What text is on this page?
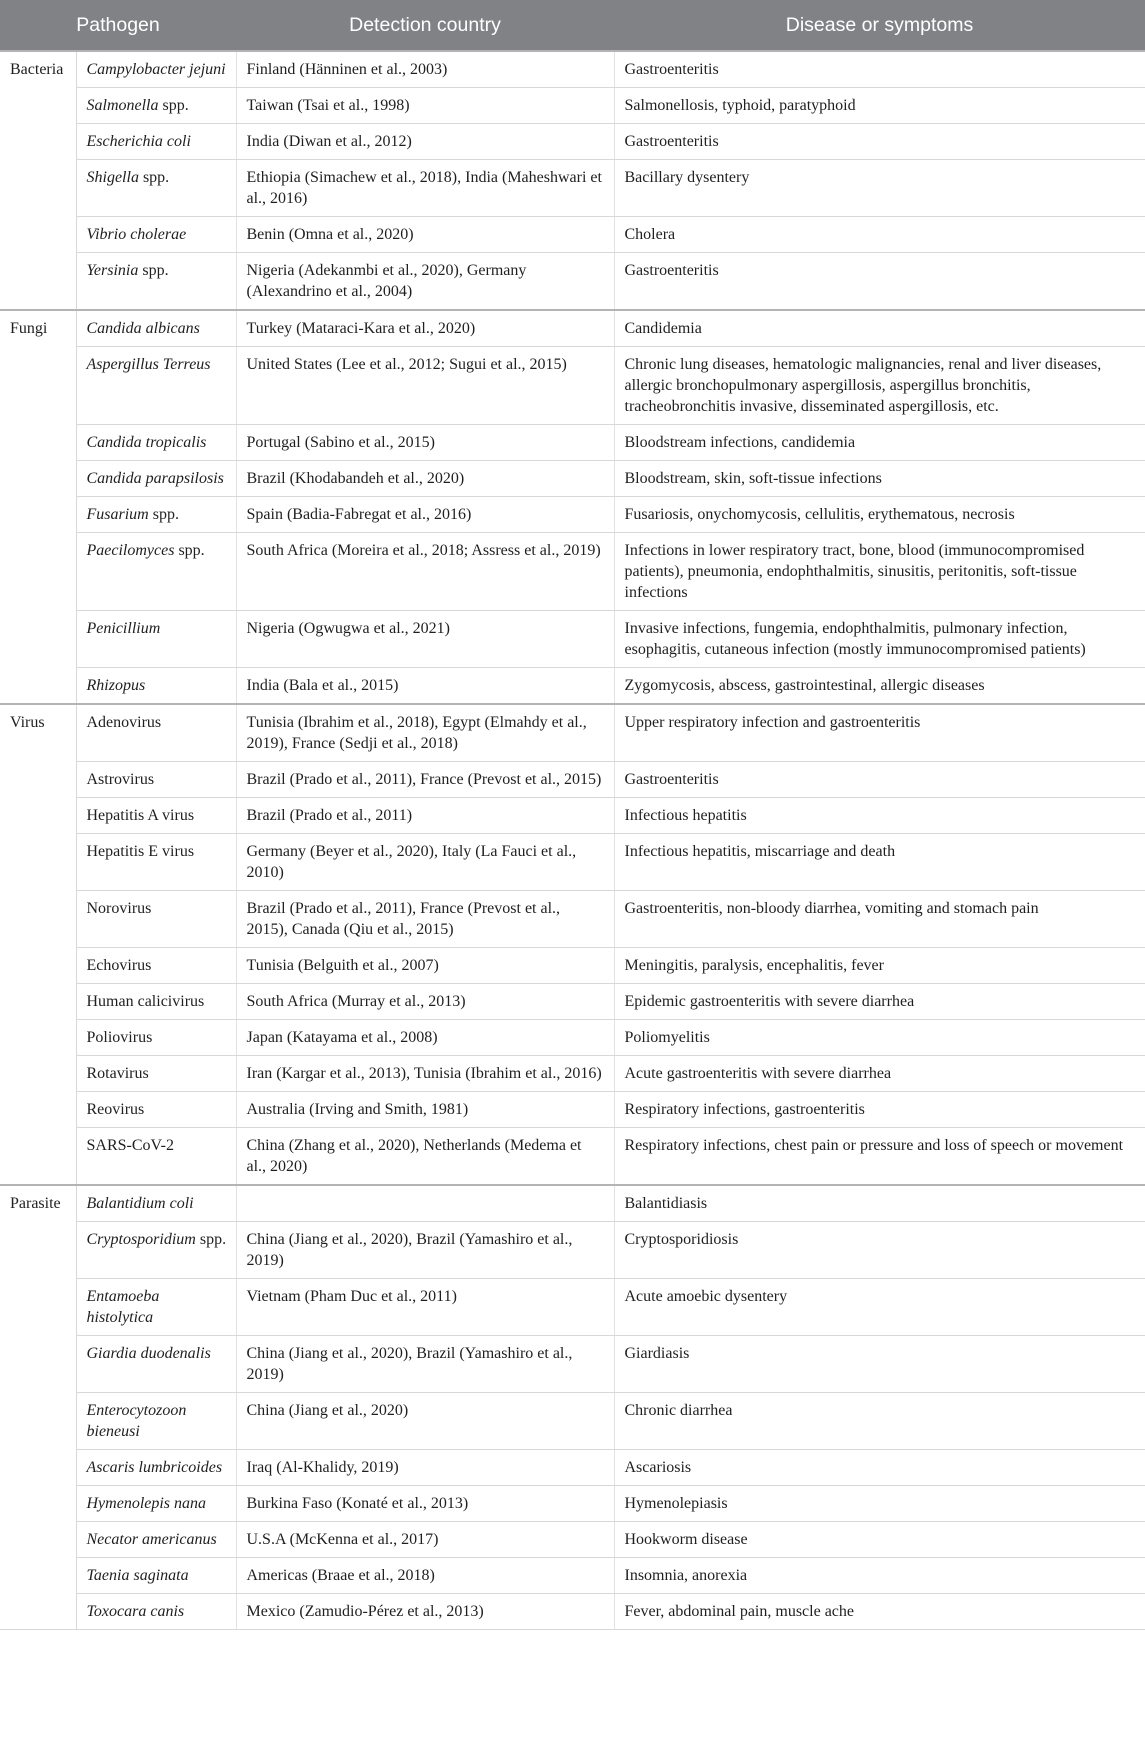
Pathogen		Detection country	Disease or symptoms
Bacteria	Campylobacter jejuni	Finland (Hänninen et al., 2003)	Gastroenteritis
	Salmonella spp.	Taiwan (Tsai et al., 1998)	Salmonellosis, typhoid, paratyphoid
	Escherichia coli	India (Diwan et al., 2012)	Gastroenteritis
	Shigella spp.	Ethiopia (Simachew et al., 2018), India (Maheshwari et al., 2016)	Bacillary dysentery
	Vibrio cholerae	Benin (Omna et al., 2020)	Cholera
	Yersinia spp.	Nigeria (Adekanmbi et al., 2020), Germany (Alexandrino et al., 2004)	Gastroenteritis
Fungi	Candida albicans	Turkey (Mataraci-Kara et al., 2020)	Candidemia
	Aspergillus Terreus	United States (Lee et al., 2012; Sugui et al., 2015)	Chronic lung diseases, hematologic malignancies, renal and liver diseases, allergic bronchopulmonary aspergillosis, aspergillus bronchitis, tracheobronchitis invasive, disseminated aspergillosis, etc.
	Candida tropicalis	Portugal (Sabino et al., 2015)	Bloodstream infections, candidemia
	Candida parapsilosis	Brazil (Khodabandeh et al., 2020)	Bloodstream, skin, soft-tissue infections
	Fusarium spp.	Spain (Badia-Fabregat et al., 2016)	Fusariosis, onychomycosis, cellulitis, erythematous, necrosis
	Paecilomyces spp.	South Africa (Moreira et al., 2018; Assress et al., 2019)	Infections in lower respiratory tract, bone, blood (immunocompromised patients), pneumonia, endophthalmitis, sinusitis, peritonitis, soft-tissue infections
	Penicillium	Nigeria (Ogwugwa et al., 2021)	Invasive infections, fungemia, endophthalmitis, pulmonary infection, esophagitis, cutaneous infection (mostly immunocompromised patients)
	Rhizopus	India (Bala et al., 2015)	Zygomycosis, abscess, gastrointestinal, allergic diseases
Virus	Adenovirus	Tunisia (Ibrahim et al., 2018), Egypt (Elmahdy et al., 2019), France (Sedji et al., 2018)	Upper respiratory infection and gastroenteritis
	Astrovirus	Brazil (Prado et al., 2011), France (Prevost et al., 2015)	Gastroenteritis
	Hepatitis A virus	Brazil (Prado et al., 2011)	Infectious hepatitis
	Hepatitis E virus	Germany (Beyer et al., 2020), Italy (La Fauci et al., 2010)	Infectious hepatitis, miscarriage and death
	Norovirus	Brazil (Prado et al., 2011), France (Prevost et al., 2015), Canada (Qiu et al., 2015)	Gastroenteritis, non-bloody diarrhea, vomiting and stomach pain
	Echovirus	Tunisia (Belguith et al., 2007)	Meningitis, paralysis, encephalitis, fever
	Human calicivirus	South Africa (Murray et al., 2013)	Epidemic gastroenteritis with severe diarrhea
	Poliovirus	Japan (Katayama et al., 2008)	Poliomyelitis
	Rotavirus	Iran (Kargar et al., 2013), Tunisia (Ibrahim et al., 2016)	Acute gastroenteritis with severe diarrhea
	Reovirus	Australia (Irving and Smith, 1981)	Respiratory infections, gastroenteritis
	SARS-CoV-2	China (Zhang et al., 2020), Netherlands (Medema et al., 2020)	Respiratory infections, chest pain or pressure and loss of speech or movement
Parasite	Balantidium coli		Balantidiasis
	Cryptosporidium spp.	China (Jiang et al., 2020), Brazil (Yamashiro et al., 2019)	Cryptosporidiosis
	Entamoeba histolytica	Vietnam (Pham Duc et al., 2011)	Acute amoebic dysentery
	Giardia duodenalis	China (Jiang et al., 2020), Brazil (Yamashiro et al., 2019)	Giardiasis
	Enterocytozoon bieneusi	China (Jiang et al., 2020)	Chronic diarrhea
	Ascaris lumbricoides	Iraq (Al-Khalidy, 2019)	Ascariosis
	Hymenolepis nana	Burkina Faso (Konaté et al., 2013)	Hymenolepiasis
	Necator americanus	U.S.A (McKenna et al., 2017)	Hookworm disease
	Taenia saginata	Americas (Braae et al., 2018)	Insomnia, anorexia
	Toxocara canis	Mexico (Zamudio-Pérez et al., 2013)	Fever, abdominal pain, muscle ache
